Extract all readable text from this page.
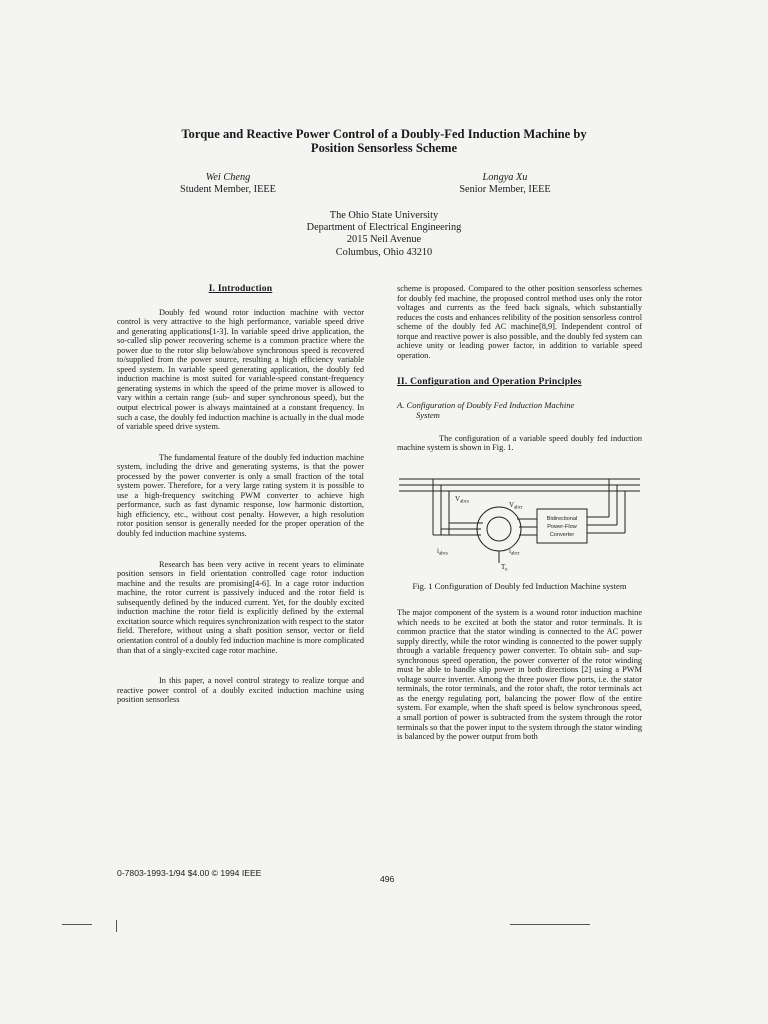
Torque and Reactive Power Control of a Doubly-Fed Induction Machine by
Position Sensorless Scheme
Wei Cheng
Student Member, IEEE
Longya Xu
Senior Member, IEEE
The Ohio State University
Department of Electrical Engineering
2015 Neil Avenue
Columbus, Ohio 43210
I. Introduction

Doubly fed wound rotor induction machine with vector control is very attractive to the high performance, variable speed drive and generating applications[1-3]. In variable speed drive application, the so-called slip power recovering scheme is a common practice where the power due to the rotor slip below/above synchronous speed is recovered to/supplied from the power source, resulting a high efficiency variable speed system. In variable speed generating application, the doubly fed induction machine is most suited for variable-speed constant-frequency generating systems in which the speed of the prime mover is allowed to vary within a certain range (sub- and super synchronous speed), but the output electrical power is always maintained at a constant frequency. In such a case, the doubly fed induction machine is actually in the dual mode of variable speed drive system.

The fundamental feature of the doubly fed induction machine system, including the drive and generating systems, is that the power processed by the power converter is only a small fraction of the total system power. Therefore, for a very large rating system it is possible to use a high-frequency switching PWM converter to achieve high performance, such as fast dynamic response, low harmonic distortion, high efficiency, etc., without cost penalty. However, a high resolution rotor position sensor is generally needed for the proper operation of the doubly fed induction machine systems.

Research has been very active in recent years to eliminate position sensors in field orientation controlled cage rotor induction machine and the results are promising[4-6]. In a cage rotor induction machine, the rotor current is passively induced and the rotor field is subsequently defined by the induced current. Yet, for the doubly excited induction machine the rotor field is explicitly defined by the external excitation source which requires synchronization with respect to the stator field. Therefore, without using a shaft position sensor, vector or field orientation control of a doubly fed induction machine is more complicated than that of a singly-excited cage rotor machine.

In this paper, a novel control strategy to realize torque and reactive power control of a doubly excited induction machine using position sensorless

scheme is proposed. Compared to the other position sensorless schemes for doubly fed machine, the proposed control method uses only the rotor voltages and currents as the feed back signals, which substantially reduces the costs and enhances relibility of the position sensorless control scheme of the doubly fed AC machine[8,9]. Independent control of torque and reactive power is also possible, and the doubly fed system can achieve unity or leading power factor, in addition to variable speed operation.

II. Configuration and Operation Principles
A. Configuration of Doubly Fed Induction Machine
System

The configuration of a variable speed doubly fed induction machine system is shown in Fig. 1.

$V_{abcs}$	$V_{abcr}$
$i_{abcs}$	$i_{abcr}$
$T_e$
Bidirectional
Power-Flow
Converter
Fig. 1 Configuration of Doubly fed Induction Machine system

The major component of the system is a wound rotor induction machine which needs to be excited at both the stator and rotor terminals. It is common practice that the stator winding is connected to the AC power supply directly, while the rotor winding is connected to the power supply through a variable frequency power converter. To obtain sub- and sup-synchronous speed operation, the power converter of the rotor winding must be able to handle slip power in both directions [2] using a PWM voltage source inverter. Among the three power flow ports, i.e. the stator terminals, the rotor terminals, and the rotor shaft, the rotor terminals act as the energy regulating port, balancing the power flow of the entire system. For example, when the shaft speed is below synchronous speed, a small portion of power is subtracted from the system through the rotor terminals so that the power input to the system through the stator winding is balanced by the power output from both

0-7803-1993-1/94 $4.00 © 1994 IEEE
496
